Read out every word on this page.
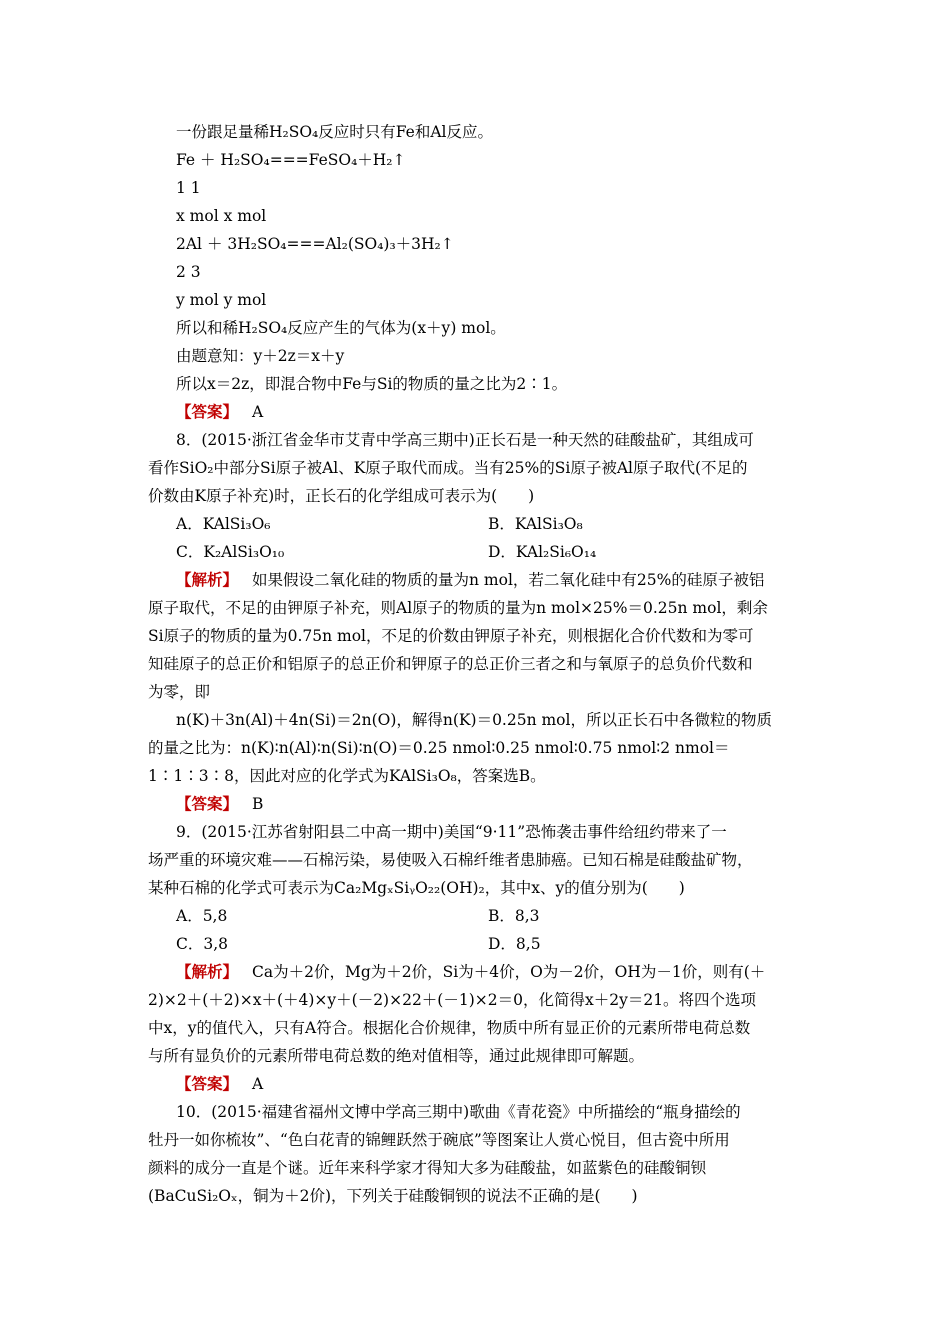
一份跟足量稀H₂SO₄反应时只有Fe和Al反应。
Fe ＋ H₂SO₄===FeSO₄＋H₂↑
1 1
x mol x mol
2Al ＋ 3H₂SO₄===Al₂(SO₄)₃＋3H₂↑
2 3
y mol y mol
所以和稀H₂SO₄反应产生的气体为(x＋y) mol。
由题意知：y＋2z＝x＋y
所以x＝2z，即混合物中Fe与Si的物质的量之比为2∶1。
【答案】 A
8．(2015·浙江省金华市艾青中学高三期中)正长石是一种天然的硅酸盐矿，其组成可
看作SiO₂中部分Si原子被Al、K原子取代而成。当有25%的Si原子被Al原子取代(不足的
价数由K原子补充)时，正长石的化学组成可表示为(　　)
A．KAlSi₃O₆	B．KAlSi₃O₈
C．K₂AlSi₃O₁₀	D．KAl₂Si₆O₁₄
【解析】 如果假设二氧化硅的物质的量为n mol，若二氧化硅中有25%的硅原子被铝
原子取代，不足的由钾原子补充，则Al原子的物质的量为n mol×25%＝0.25n mol，剩余
Si原子的物质的量为0.75n mol，不足的价数由钾原子补充，则根据化合价代数和为零可
知硅原子的总正价和铝原子的总正价和钾原子的总正价三者之和与氧原子的总负价代数和
为零，即
n(K)＋3n(Al)＋4n(Si)＝2n(O)，解得n(K)＝0.25n mol，所以正长石中各微粒的物质
的量之比为：n(K)∶n(Al)∶n(Si)∶n(O)＝0.25 nmol∶0.25 nmol∶0.75 nmol∶2 nmol＝
1∶1∶3∶8，因此对应的化学式为KAlSi₃O₈，答案选B。
【答案】 B
9．(2015·江苏省射阳县二中高一期中)美国“9·11”恐怖袭击事件给纽约带来了一
场严重的环境灾难——石棉污染，易使吸入石棉纤维者患肺癌。已知石棉是硅酸盐矿物，
某种石棉的化学式可表示为Ca₂MgₓSiᵧO₂₂(OH)₂，其中x、y的值分别为(　　)
A．5,8	B．8,3
C．3,8	D．8,5
【解析】 Ca为＋2价，Mg为＋2价，Si为＋4价，O为－2价，OH为－1价，则有(＋
2)×2＋(＋2)×x＋(＋4)×y＋(－2)×22＋(－1)×2＝0，化简得x＋2y＝21。将四个选项
中x，y的值代入，只有A符合。根据化合价规律，物质中所有显正价的元素所带电荷总数
与所有显负价的元素所带电荷总数的绝对值相等，通过此规律即可解题。
【答案】 A
10．(2015·福建省福州文博中学高三期中)歌曲《青花瓷》中所描绘的“瓶身描绘的
牡丹一如你梳妆”、“色白花青的锦鲤跃然于碗底”等图案让人赏心悦目，但古瓷中所用
颜料的成分一直是个谜。近年来科学家才得知大多为硅酸盐，如蓝紫色的硅酸铜钡
(BaCuSi₂Oₓ，铜为＋2价)，下列关于硅酸铜钡的说法不正确的是(　　)
